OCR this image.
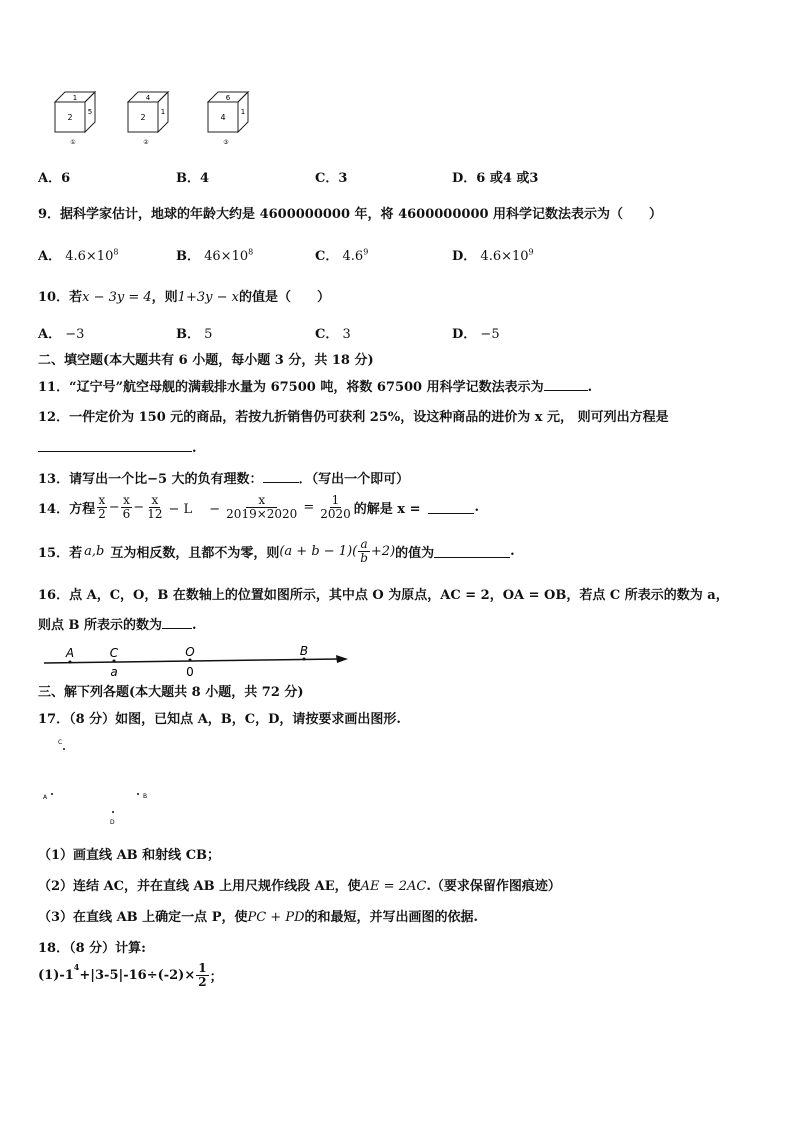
1
2
5
①
4
2
1
②
6
4
1
③
A．6	B．4	C．3	D．6 或4 或3
9．据科学家估计，地球的年龄大约是 4600000000 年，将 4600000000 用科学记数法表示为（　　）
A． $4.6\times 10^8$	B． $46\times 10^8$	C． $4.6^9$	D． $4.6\times 10^9$
10．若x − 3y = 4，则1+3y − x的值是（　　）
A． −3	B． 5	C． 3	D． −5
二、填空题(本大题共有 6 小题，每小题 3 分，共 18 分)
11．“辽宁号”航空母舰的满载排水量为 67500 吨，将数 67500 用科学记数法表示为	.
12．一件定价为 150 元的商品，若按九折销售仍可获利 25%，设这种商品的进价为 x 元， 则可列出方程是
.
13．请写出一个比−5 大的负有理数：	．（写出一个即可）
14． 方程 $\frac{x}{2} - \frac{x}{6} - \frac{x}{12} - L$　 − $\frac{x}{2019\times 2020} = \frac{1}{2020}$ 的解是 x =	.
15． 若 a,b 互为相反数，且都不为零，则 $(a + b - 1)( \frac{a}{b} +2)$ 的值为	.
16．点 A，C，O，B 在数轴上的位置如图所示，其中点 O 为原点，AC = 2，OA = OB，若点 C 所表示的数为 a，
则点 B 所表示的数为 .
A	C	O	B
a	0
三、解下列各题(本大题共 8 小题，共 72 分)
17．（8 分）如图，已知点 A，B，C，D，请按要求画出图形.
C
A	B
D
（1）画直线 AB 和射线 CB；
（2）连结 AC，并在直线 AB 上用尺规作线段 AE，使AE = 2AC.（要求保留作图痕迹）
（3）在直线 AB 上确定一点 P，使PC + PD的和最短，并写出画图的依据.
18．（8 分）计算:
(1)-1
$^4$
$+|3-5|-16\div(-2)\times \frac{1}{2}$ ；
